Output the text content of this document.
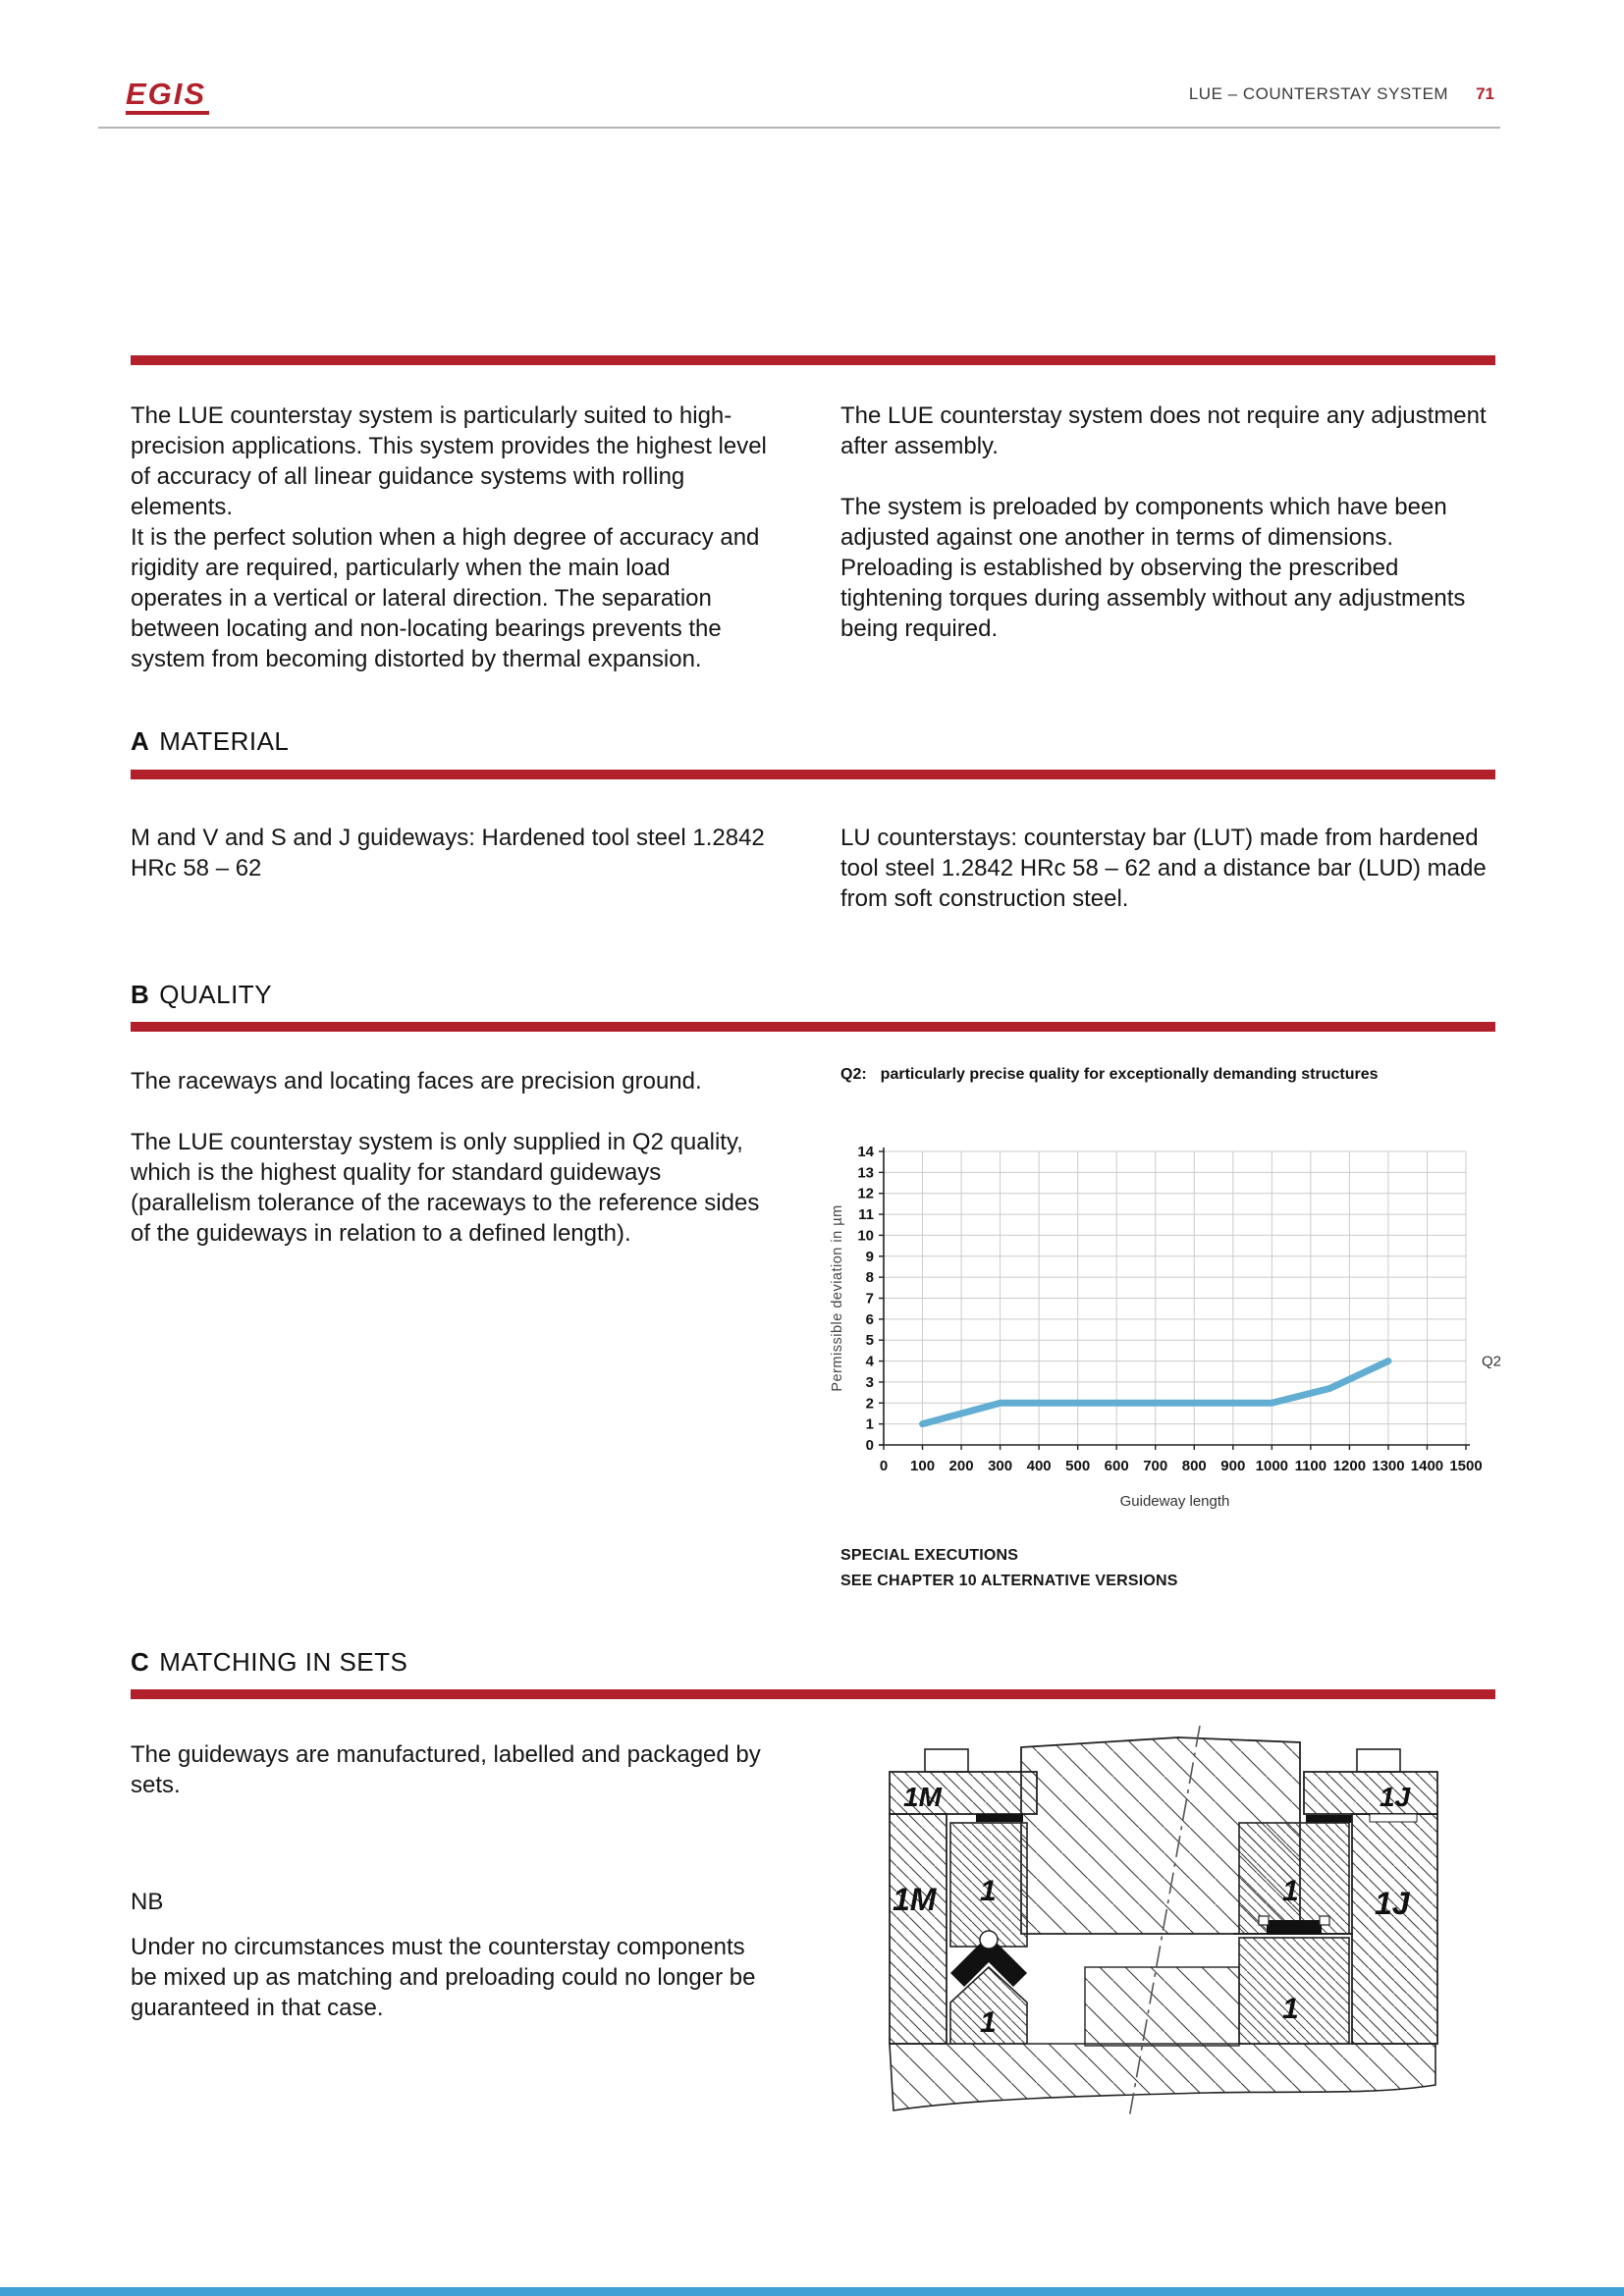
EGIS	LUE – COUNTERSTAY SYSTEM 71
The LUE counterstay system is particularly suited to high-precision applications. This system provides the highest level of accuracy of all linear guidance systems with rolling elements.
It is the perfect solution when a high degree of accuracy and rigidity are required, particularly when the main load operates in a vertical or lateral direction. The separation between locating and non-locating bearings prevents the system from becoming distorted by thermal expansion.
The LUE counterstay system does not require any adjustment after assembly.
The system is preloaded by components which have been adjusted against one another in terms of dimensions. Preloading is established by observing the prescribed tightening torques during assembly without any adjustments being required.
A MATERIAL
M and V and S and J guideways: Hardened tool steel 1.2842 HRc 58 – 62
LU counterstays: counterstay bar (LUT) made from hardened tool steel 1.2842 HRc 58 – 62 and a distance bar (LUD) made from soft construction steel.
B QUALITY
The raceways and locating faces are precision ground.
The LUE counterstay system is only supplied in Q2 quality, which is the highest quality for standard guideways (parallelism tolerance of the raceways to the reference sides of the guideways in relation to a defined length).
Q2: particularly precise quality for exceptionally demanding structures
0 100 200 300 400 500 600 700 800 900 1000 1100 1200 1300 1400 1500
0
1
2
3
4
5
6
7
8
9
10
11
12
13
14
Q2
Permissible deviation in µm
Guideway length
SPECIAL EXECUTIONS
SEE CHAPTER 10 ALTERNATIVE VERSIONS
C MATCHING IN SETS
The guideways are manufactured, labelled and packaged by sets.
NB
Under no circumstances must the counterstay components be mixed up as matching and preloading could no longer be guaranteed in that case.
1M
1M 1
1
1J
1J
1
1
